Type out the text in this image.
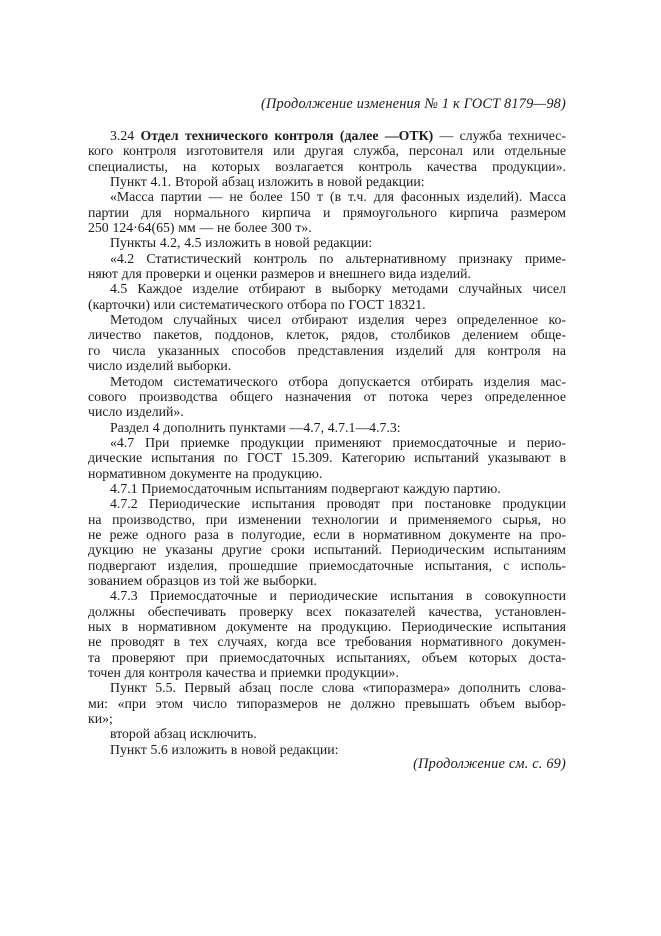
(Продолжение изменения № 1 к ГОСТ 8179—98)
3.24 Отдел технического контроля (далее —ОТК) — служба техничес-
кого контроля изготовителя или другая служба, персонал или отдельные
специалисты, на которых возлагается контроль качества продукции».
Пункт 4.1. Второй абзац изложить в новой редакции:
«Масса партии — не более 150 т (в т.ч. для фасонных изделий). Масса
партии для нормального кирпича и прямоугольного кирпича размером
250 124·64(65) мм — не более 300 т».
Пункты 4.2, 4.5 изложить в новой редакции:
«4.2 Статистический контроль по альтернативному признаку приме-
няют для проверки и оценки размеров и внешнего вида изделий.
4.5 Каждое изделие отбирают в выборку методами случайных чисел
(карточки) или систематического отбора по ГОСТ 18321.
Методом случайных чисел отбирают изделия через определенное ко-
личество пакетов, поддонов, клеток, рядов, столбиков делением обще-
го числа указанных способов представления изделий для контроля на
число изделий выборки.
Методом систематического отбора допускается отбирать изделия мас-
сового производства общего назначения от потока через определенное
число изделий».
Раздел 4 дополнить пунктами —4.7, 4.7.1—4.7.3:
«4.7 При приемке продукции применяют приемосдаточные и перио-
дические испытания по ГОСТ 15.309. Категорию испытаний указывают в
нормативном документе на продукцию.
4.7.1 Приемосдаточным испытаниям подвергают каждую партию.
4.7.2 Периодические испытания проводят при постановке продукции
на производство, при изменении технологии и применяемого сырья, но
не реже одного раза в полугодие, если в нормативном документе на про-
дукцию не указаны другие сроки испытаний. Периодическим испытаниям
подвергают изделия, прошедшие приемосдаточные испытания, с исполь-
зованием образцов из той же выборки.
4.7.3 Приемосдаточные и периодические испытания в совокупности
должны обеспечивать проверку всех показателей качества, установлен-
ных в нормативном документе на продукцию. Периодические испытания
не проводят в тех случаях, когда все требования нормативного докумен-
та проверяют при приемосдаточных испытаниях, объем которых доста-
точен для контроля качества и приемки продукции».
Пункт 5.5. Первый абзац после слова «типоразмера» дополнить слова-
ми: «при этом число типоразмеров не должно превышать объем выбор-
ки»;
второй абзац исключить.
Пункт 5.6 изложить в новой редакции:
(Продолжение см. с. 69)
